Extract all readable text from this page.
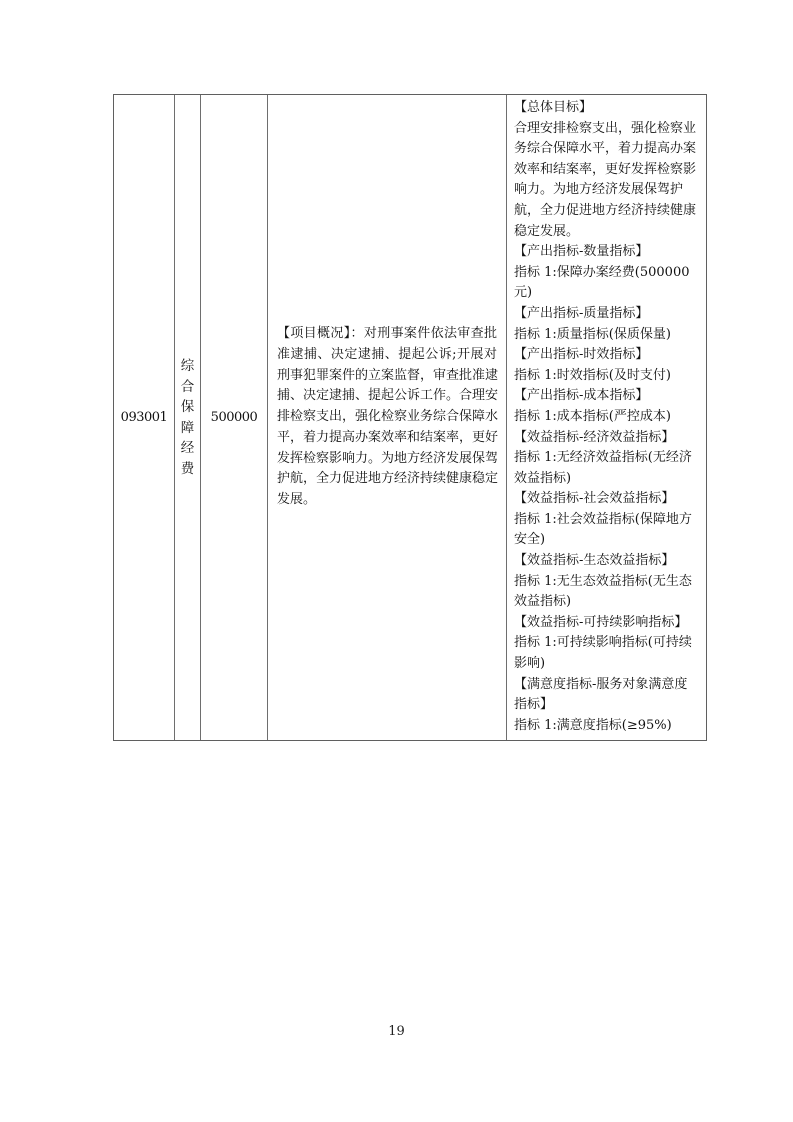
093001
综
合
保
障
经
费
500000
【项目概况】：对刑事案件依法审查批
准逮捕、决定逮捕、提起公诉;开展对
刑事犯罪案件的立案监督，审查批准逮
捕、决定逮捕、提起公诉工作。合理安
排检察支出，强化检察业务综合保障水
平，着力提高办案效率和结案率，更好
发挥检察影响力。为地方经济发展保驾
护航，全力促进地方经济持续健康稳定
发展。
【总体目标】
合理安排检察支出，强化检察业
务综合保障水平，着力提高办案
效率和结案率，更好发挥检察影
响力。为地方经济发展保驾护
航，全力促进地方经济持续健康
稳定发展。
【产出指标-数量指标】
指标 1:保障办案经费(500000
元)
【产出指标-质量指标】
指标 1:质量指标(保质保量)
【产出指标-时效指标】
指标 1:时效指标(及时支付)
【产出指标-成本指标】
指标 1:成本指标(严控成本)
【效益指标-经济效益指标】
指标 1:无经济效益指标(无经济
效益指标)
【效益指标-社会效益指标】
指标 1:社会效益指标(保障地方
安全)
【效益指标-生态效益指标】
指标 1:无生态效益指标(无生态
效益指标)
【效益指标-可持续影响指标】
指标 1:可持续影响指标(可持续
影响)
【满意度指标-服务对象满意度
指标】
指标 1:满意度指标(≥95%)
19
